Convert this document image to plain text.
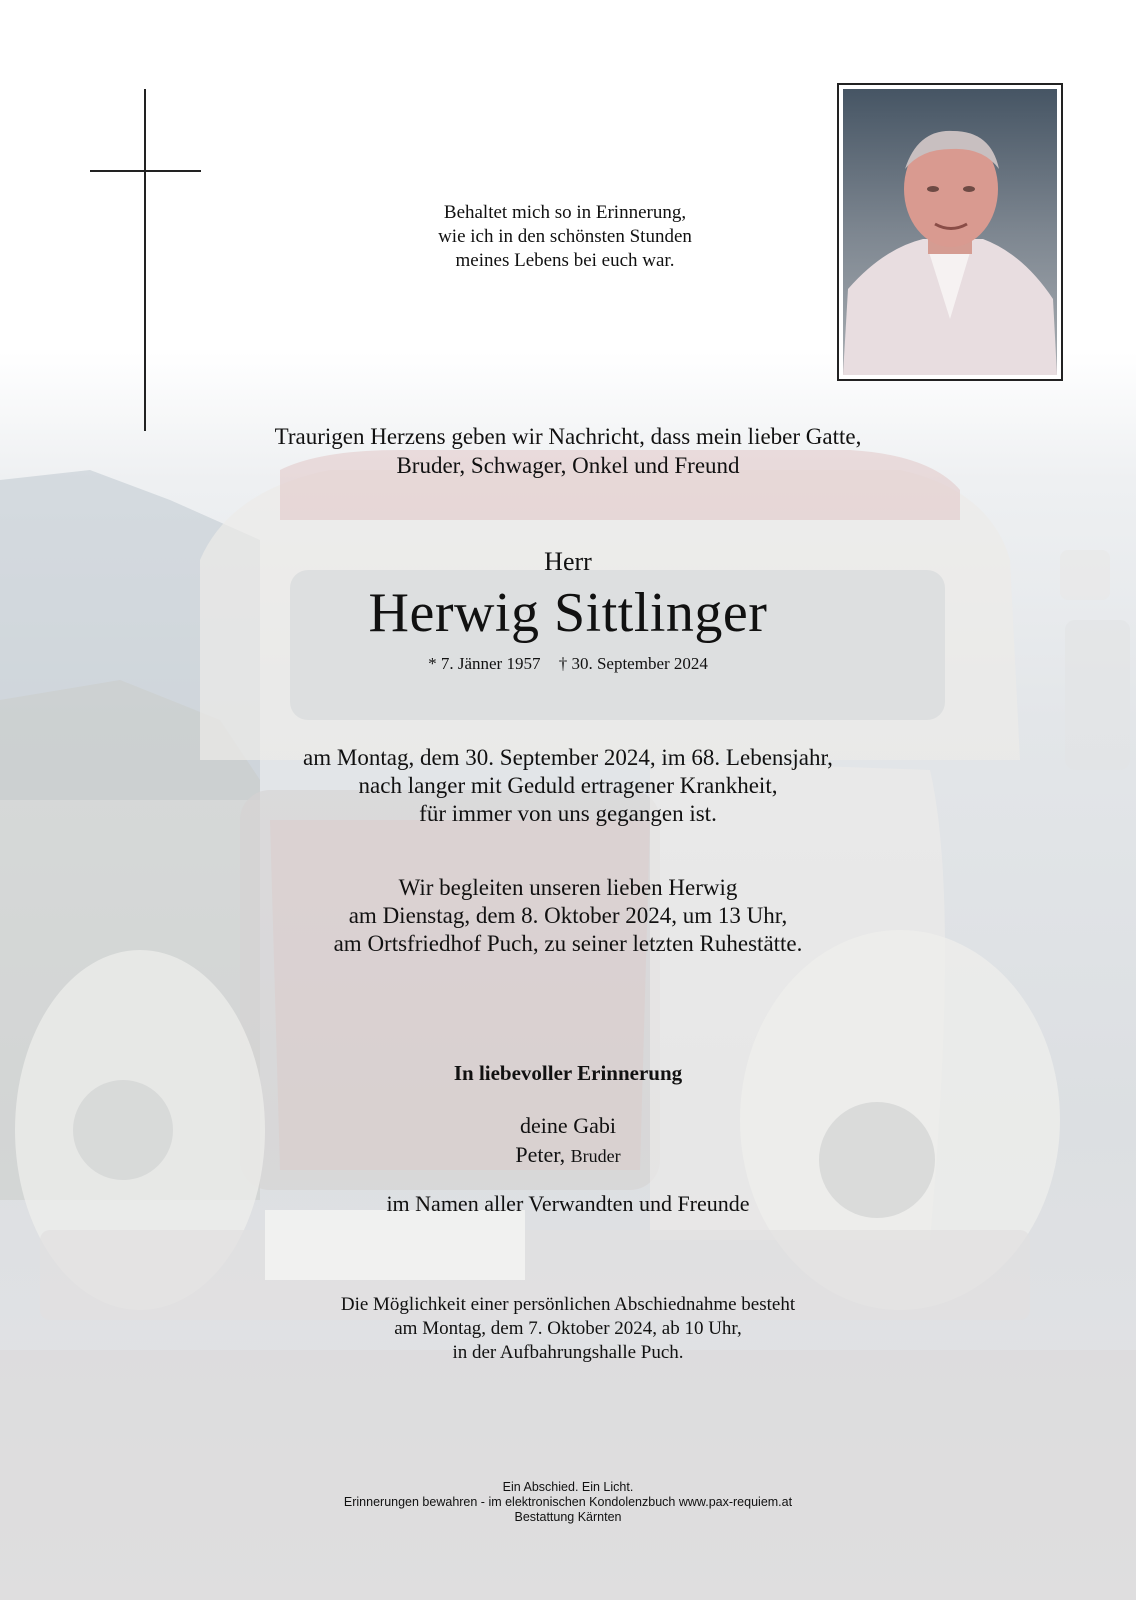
Behaltet mich so in Erinnerung,
wie ich in den schönsten Stunden
meines Lebens bei euch war.
Traurigen Herzens geben wir Nachricht, dass mein lieber Gatte,
Bruder, Schwager, Onkel und Freund
Herr
Herwig Sittlinger
* 7. Jänner 1957 † 30. September 2024
am Montag, dem 30. September 2024, im 68. Lebensjahr,
nach langer mit Geduld ertragener Krankheit,
für immer von uns gegangen ist.
Wir begleiten unseren lieben Herwig
am Dienstag, dem 8. Oktober 2024, um 13 Uhr,
am Ortsfriedhof Puch, zu seiner letzten Ruhestätte.
In liebevoller Erinnerung
deine Gabi
Peter, Bruder
im Namen aller Verwandten und Freunde
Die Möglichkeit einer persönlichen Abschiednahme besteht
am Montag, dem 7. Oktober 2024, ab 10 Uhr,
in der Aufbahrungshalle Puch.
Ein Abschied. Ein Licht.
Erinnerungen bewahren - im elektronischen Kondolenzbuch www.pax-requiem.at
Bestattung Kärnten
